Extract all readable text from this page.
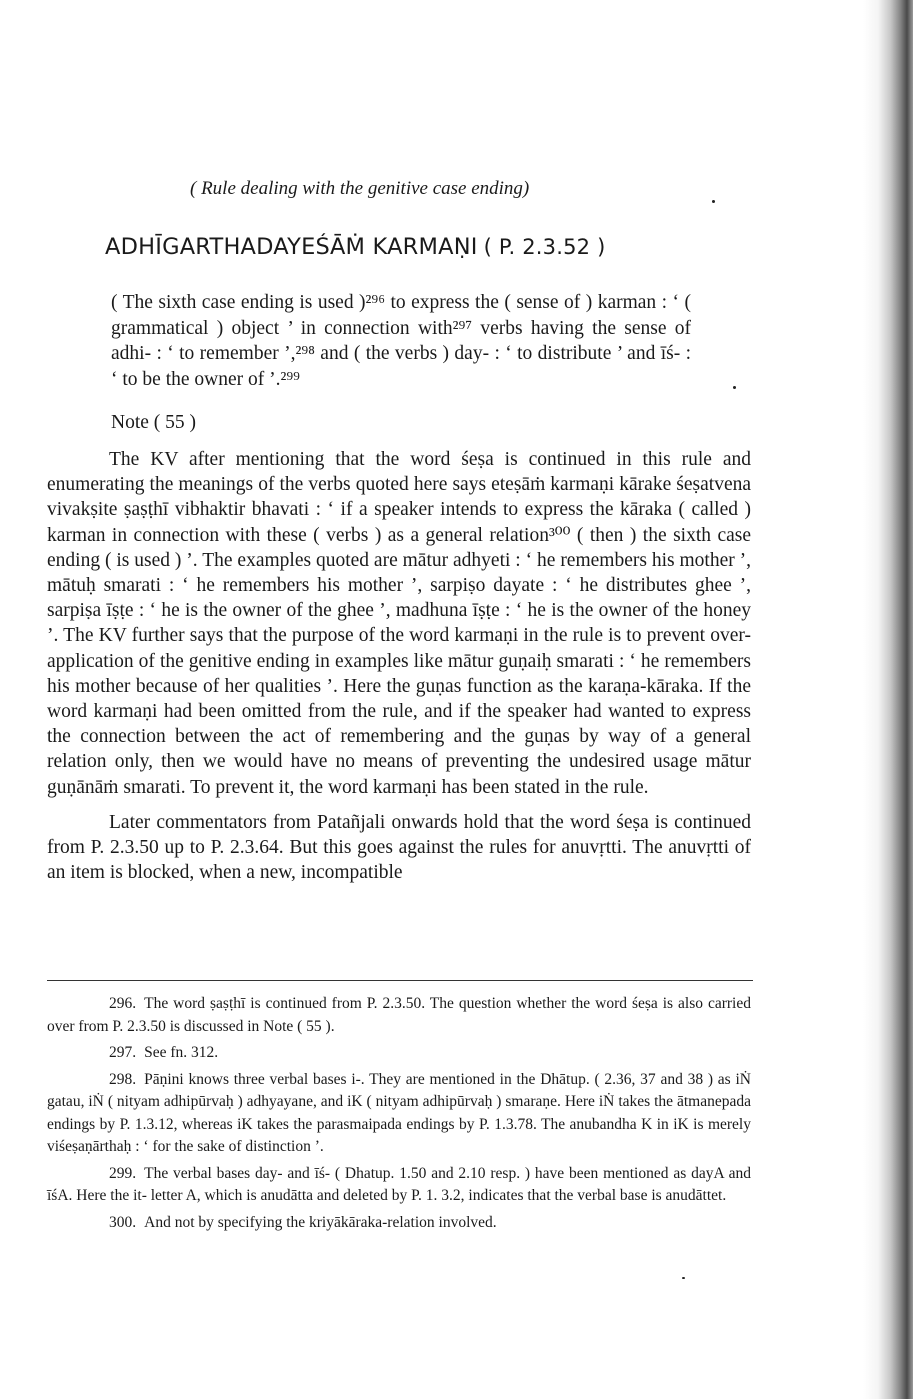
( Rule dealing with the genitive case ending)
ADHĪGARTHADAYEŚĀṀ KARMAṆI ( P. 2.3.52 )

( The sixth case ending is used )²⁹⁶ to express the ( sense of ) karman : ‘ ( grammatical ) object ’ in connection with²⁹⁷ verbs having the sense of adhi- : ‘ to remember ’,²⁹⁸ and ( the verbs ) day- : ‘ to distribute ’ and īś- : ‘ to be the owner of ’.²⁹⁹

Note ( 55 )

The KV after mentioning that the word śeṣa is continued in this rule and enumerating the meanings of the verbs quoted here says eteṣāṁ karmaṇi kārake śeṣatvena vivakṣite ṣaṣṭhī vibhaktir bhavati : ‘ if a speaker intends to express the kāraka ( called ) karman in connection with these ( verbs ) as a general relation³⁰⁰ ( then ) the sixth case ending ( is used ) ’. The examples quoted are mātur adhyeti : ‘ he remembers his mother ’, mātuḥ smarati : ‘ he remembers his mother ’, sarpiṣo dayate : ‘ he distributes ghee ’, sarpiṣa īṣṭe : ‘ he is the owner of the ghee ’, madhuna īṣṭe : ‘ he is the owner of the honey ’. The KV further says that the purpose of the word karmaṇi in the rule is to prevent over-application of the genitive ending in examples like mātur guṇaiḥ smarati : ‘ he remembers his mother because of her qualities ’. Here the guṇas function as the karaṇa-kāraka. If the word karmaṇi had been omitted from the rule, and if the speaker had wanted to express the connection between the act of remembering and the guṇas by way of a general relation only, then we would have no means of preventing the undesired usage mātur guṇānāṁ smarati. To prevent it, the word karmaṇi has been stated in the rule.

Later commentators from Patañjali onwards hold that the word śeṣa is continued from P. 2.3.50 up to P. 2.3.64. But this goes against the rules for anuvṛtti. The anuvṛtti of an item is blocked, when a new, incompatible

296. The word ṣaṣṭhī is continued from P. 2.3.50. The question whether the word śeṣa is also carried over from P. 2.3.50 is discussed in Note ( 55 ).

297. See fn. 312.

298. Pāṇini knows three verbal bases i-. They are mentioned in the Dhātup. ( 2.36, 37 and 38 ) as iṄ gatau, iṄ ( nityam adhipūrvaḥ ) adhyayane, and iK ( nityam adhipūrvaḥ ) smaraṇe. Here iṄ takes the ātmanepada endings by P. 1.3.12, whereas iK takes the parasmaipada endings by P. 1.3.78. The anubandha K in iK is merely viśeṣaṇārthaḥ : ‘ for the sake of distinction ’.

299. The verbal bases day- and īś- ( Dhatup. 1.50 and 2.10 resp. ) have been mentioned as dayA and īśA. Here the it- letter A, which is anudātta and deleted by P. 1. 3.2, indicates that the verbal base is anudāttet.

300. And not by specifying the kriyākāraka-relation involved.
